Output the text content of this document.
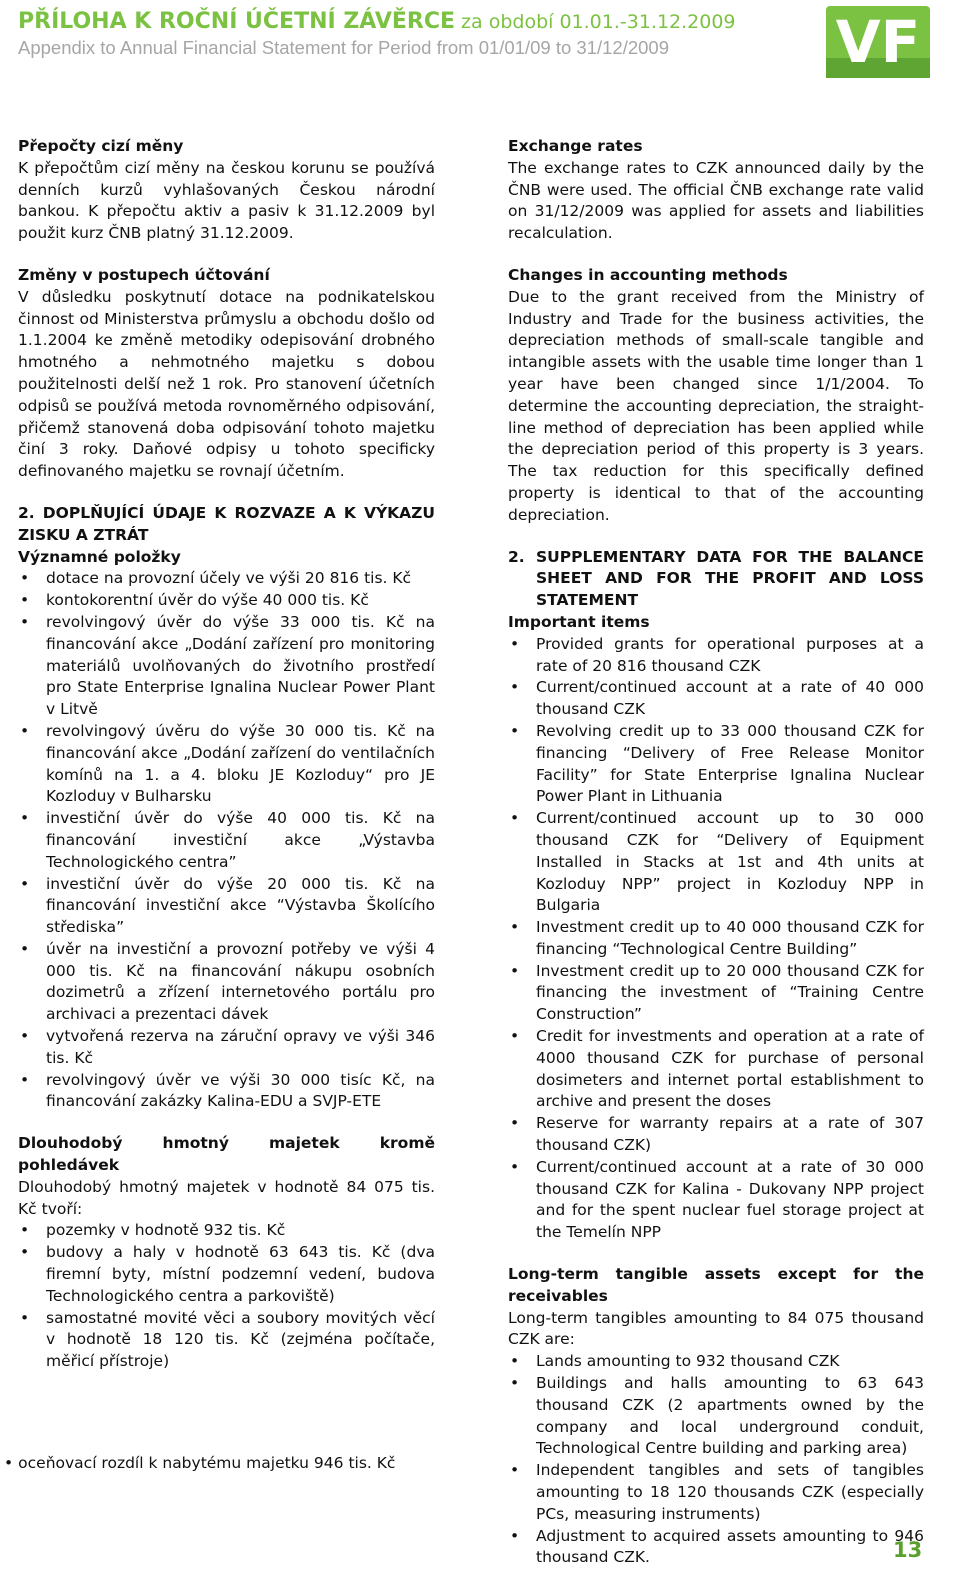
PŘÍLOHA K ROČNÍ ÚČETNÍ ZÁVĚRCE za období 01.01.-31.12.2009
Appendix to Annual Financial Statement for Period from 01/01/09 to 31/12/2009	VF
Přepočty cizí měny

K přepočtům cizí měny na českou korunu se používá denních kurzů vyhlašovaných Českou národní bankou. K přepočtu aktiv a pasiv k 31.12.2009 byl použit kurz ČNB platný 31.12.2009.

Změny v postupech účtování

V důsledku poskytnutí dotace na podnikatelskou činnost od Ministerstva průmyslu a obchodu došlo od 1.1.2004 ke změně metodiky odepisování drobného hmotného a nehmotného majetku s dobou použitelnosti delší než 1 rok. Pro stanovení účetních odpisů se používá metoda rovnoměrného odpisování, přičemž stanovená doba odpisování tohoto majetku činí 3 roky. Daňové odpisy u tohoto specificky definovaného majetku se rovnají účetním.

2. DOPLŇUJÍCÍ ÚDAJE K ROZVAZE A K VÝKAZU ZISKU A ZTRÁT
Významné položky
• dotace na provozní účely ve výši 20 816 tis. Kč
• kontokorentní úvěr do výše 40 000 tis. Kč
• revolvingový úvěr do výše 33 000 tis. Kč na financování akce „Dodání zařízení pro monitoring materiálů uvolňovaných do životního prostředí pro State Enterprise Ignalina Nuclear Power Plant v Litvě
• revolvingový úvěru do výše 30 000 tis. Kč na financování akce „Dodání zařízení do ventilačních komínů na 1. a 4. bloku JE Kozloduy“ pro JE Kozloduy v Bulharsku
• investiční úvěr do výše 40 000 tis. Kč na financování investiční akce „Výstavba Technologického centra”
• investiční úvěr do výše 20 000 tis. Kč na financování investiční akce “Výstavba Školícího střediska”
• úvěr na investiční a provozní potřeby ve výši 4 000 tis. Kč na financování nákupu osobních dozimetrů a zřízení internetového portálu pro archivaci a prezentaci dávek
• vytvořená rezerva na záruční opravy ve výši 346 tis. Kč
• revolvingový úvěr ve výši 30 000 tisíc Kč, na financování zakázky Kalina-EDU a SVJP-ETE
Dlouhodobý hmotný majetek kromě pohledávek

Dlouhodobý hmotný majetek v hodnotě 84 075 tis. Kč tvoří:

• pozemky v hodnotě 932 tis. Kč
• budovy a haly v hodnotě 63 643 tis. Kč (dva firemní byty, místní podzemní vedení, budova Technologického centra a parkoviště)
• samostatné movité věci a soubory movitých věcí v hodnotě 18 120 tis. Kč (zejména počítače, měřicí přístroje)
• oceňovací rozdíl k nabytému majetku 946 tis. Kč
Exchange rates

The exchange rates to CZK announced daily by the ČNB were used. The official ČNB exchange rate valid on 31/12/2009 was applied for assets and liabilities recalculation.

Changes in accounting methods

Due to the grant received from the Ministry of Industry and Trade for the business activities, the depreciation methods of small-scale tangible and intangible assets with the usable time longer than 1 year have been changed since 1/1/2004. To determine the accounting depreciation, the straight-line method of depreciation has been applied while the depreciation period of this property is 3 years. The tax reduction for this specifically defined property is identical to that of the accounting depreciation.

2. SUPPLEMENTARY DATA FOR THE BALANCE SHEET AND FOR THE PROFIT AND LOSS STATEMENT
Important items
• Provided grants for operational purposes at a rate of 20 816 thousand CZK
• Current/continued account at a rate of 40 000 thousand CZK
• Revolving credit up to 33 000 thousand CZK for financing “Delivery of Free Release Monitor Facility” for State Enterprise Ignalina Nuclear Power Plant in Lithuania
• Current/continued account up to 30 000 thousand CZK for “Delivery of Equipment Installed in Stacks at 1st and 4th units at Kozloduy NPP” project in Kozloduy NPP in Bulgaria
• Investment credit up to 40 000 thousand CZK for financing “Technological Centre Building”
• Investment credit up to 20 000 thousand CZK for financing the investment of “Training Centre Construction”
• Credit for investments and operation at a rate of 4000 thousand CZK for purchase of personal dosimeters and internet portal establishment to archive and present the doses
• Reserve for warranty repairs at a rate of 307 thousand CZK)
• Current/continued account at a rate of 30 000 thousand CZK for Kalina - Dukovany NPP project and for the spent nuclear fuel storage project at the Temelín NPP
Long-term tangible assets except for the receivables

Long-term tangibles amounting to 84 075 thousand CZK are:

• Lands amounting to 932 thousand CZK
• Buildings and halls amounting to 63 643 thousand CZK (2 apartments owned by the company and local underground conduit, Technological Centre building and parking area)
• Independent tangibles and sets of tangibles amounting to 18 120 thousands CZK (especially PCs, measuring instruments)
• Adjustment to acquired assets amounting to 946 thousand CZK.	13
